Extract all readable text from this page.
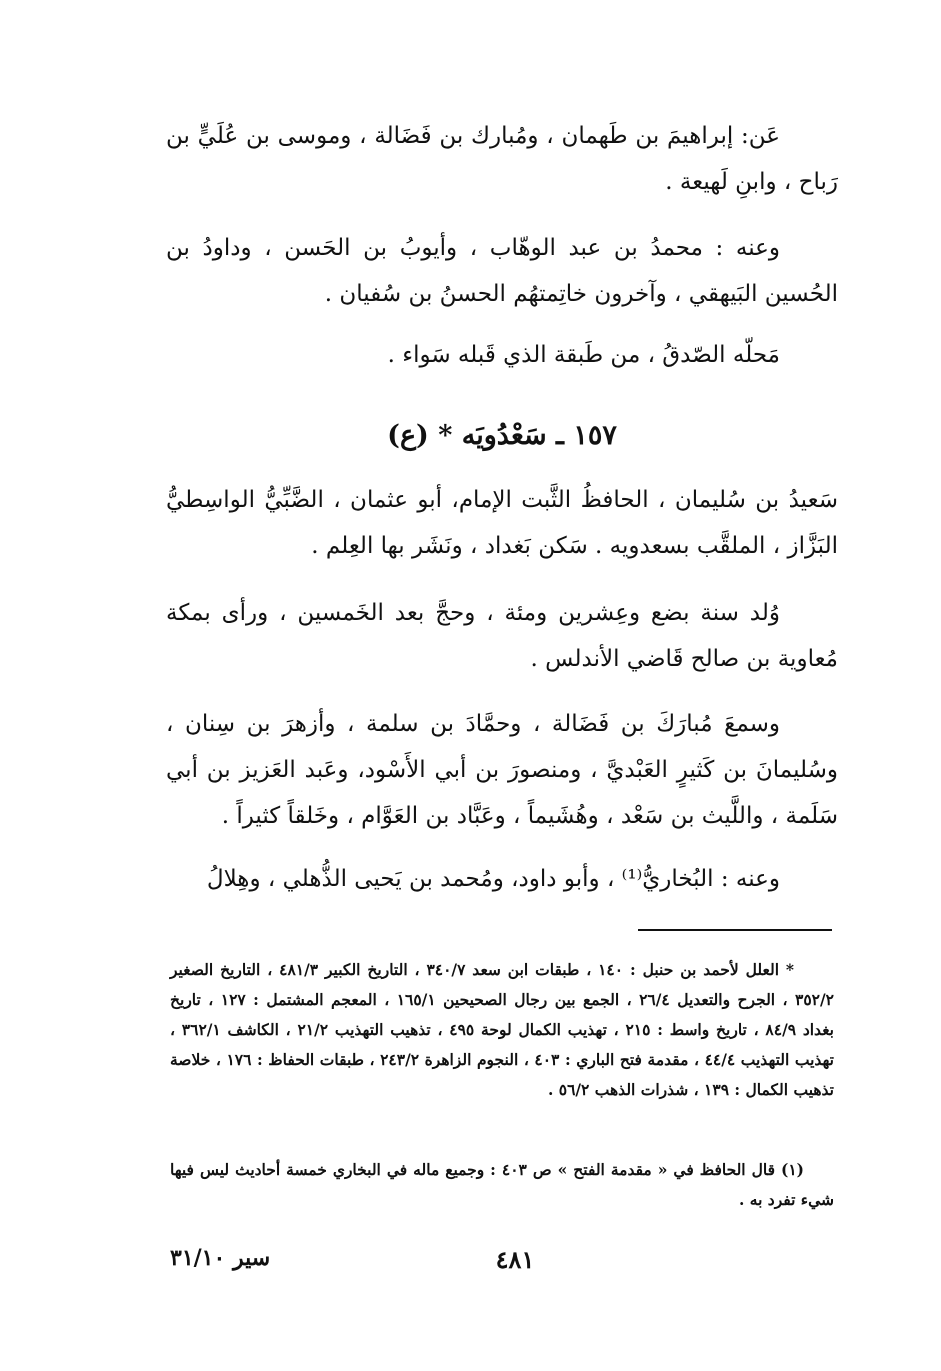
عَن: إبراهيمَ بن طَهمان ، ومُبارك بن فَضَالة ، وموسى بن عُلَيٍّ بن رَباح ، وابنِ لَهيعة .

وعنه : محمدُ بن عبد الوهّاب ، وأيوبُ بن الحَسن ، وداودُ بن الحُسين البَيهقي ، وآخرون خاتِمتهُم الحسنُ بن سُفيان .

مَحلّه الصّدقُ ، من طَبقة الذي قَبله سَواء .

١٥٧ ـ سَعْدُويَه * (ع)

سَعيدُ بن سُليمان ، الحافظُ الثَّبت الإمام، أبو عثمان ، الضَّبِّيُّ الواسِطيُّ البَزَّاز ، الملقَّب بسعدويه . سَكن بَغداد ، ونَشَر بها العِلم .

وُلد سنة بضع وعِشرين ومئة ، وحجَّ بعد الخَمسين ، ورأى بمكة مُعاوية بن صالح قَاضي الأندلس .

وسمعَ مُبارَكَ بن فَضَالة ، وحمَّادَ بن سلمة ، وأزهرَ بن سِنان ، وسُليمانَ بن كَثيرٍ العَبْديَّ ، ومنصورَ بن أبي الأَسْود، وعَبد العَزيز بن أبي سَلَمة ، واللَّيث بن سَعْد ، وهُشَيماً ، وعَبَّاد بن العَوَّام ، وخَلقاً كثيراً .

وعنه : البُخاريُّ⁽¹⁾ ، وأبو داود، ومُحمد بن يَحيى الذُّهلي ، وهِلالُ

* العلل لأحمد بن حنبل : ١٤٠ ، طبقات ابن سعد ٣٤٠/٧ ، التاريخ الكبير ٤٨١/٣ ، التاريخ الصغير ٣٥٢/٢ ، الجرح والتعديل ٢٦/٤ ، الجمع بين رجال الصحيحين ١٦٥/١ ، المعجم المشتمل : ١٢٧ ، تاريخ بغداد ٨٤/٩ ، تاريخ واسط : ٢١٥ ، تهذيب الكمال لوحة ٤٩٥ ، تذهيب التهذيب ٢١/٢ ، الكاشف ٣٦٢/١ ، تهذيب التهذيب ٤٤/٤ ، مقدمة فتح الباري : ٤٠٣ ، النجوم الزاهرة ٢٤٣/٢ ، طبقات الحفاظ : ١٧٦ ، خلاصة تذهيب الكمال : ١٣٩ ، شذرات الذهب ٥٦/٢ .

(١) قال الحافظ في « مقدمة الفتح » ص ٤٠٣ : وجميع ماله في البخاري خمسة أحاديث ليس فيها شيء تفرد به .

٤٨١
سير ٣١/١٠
